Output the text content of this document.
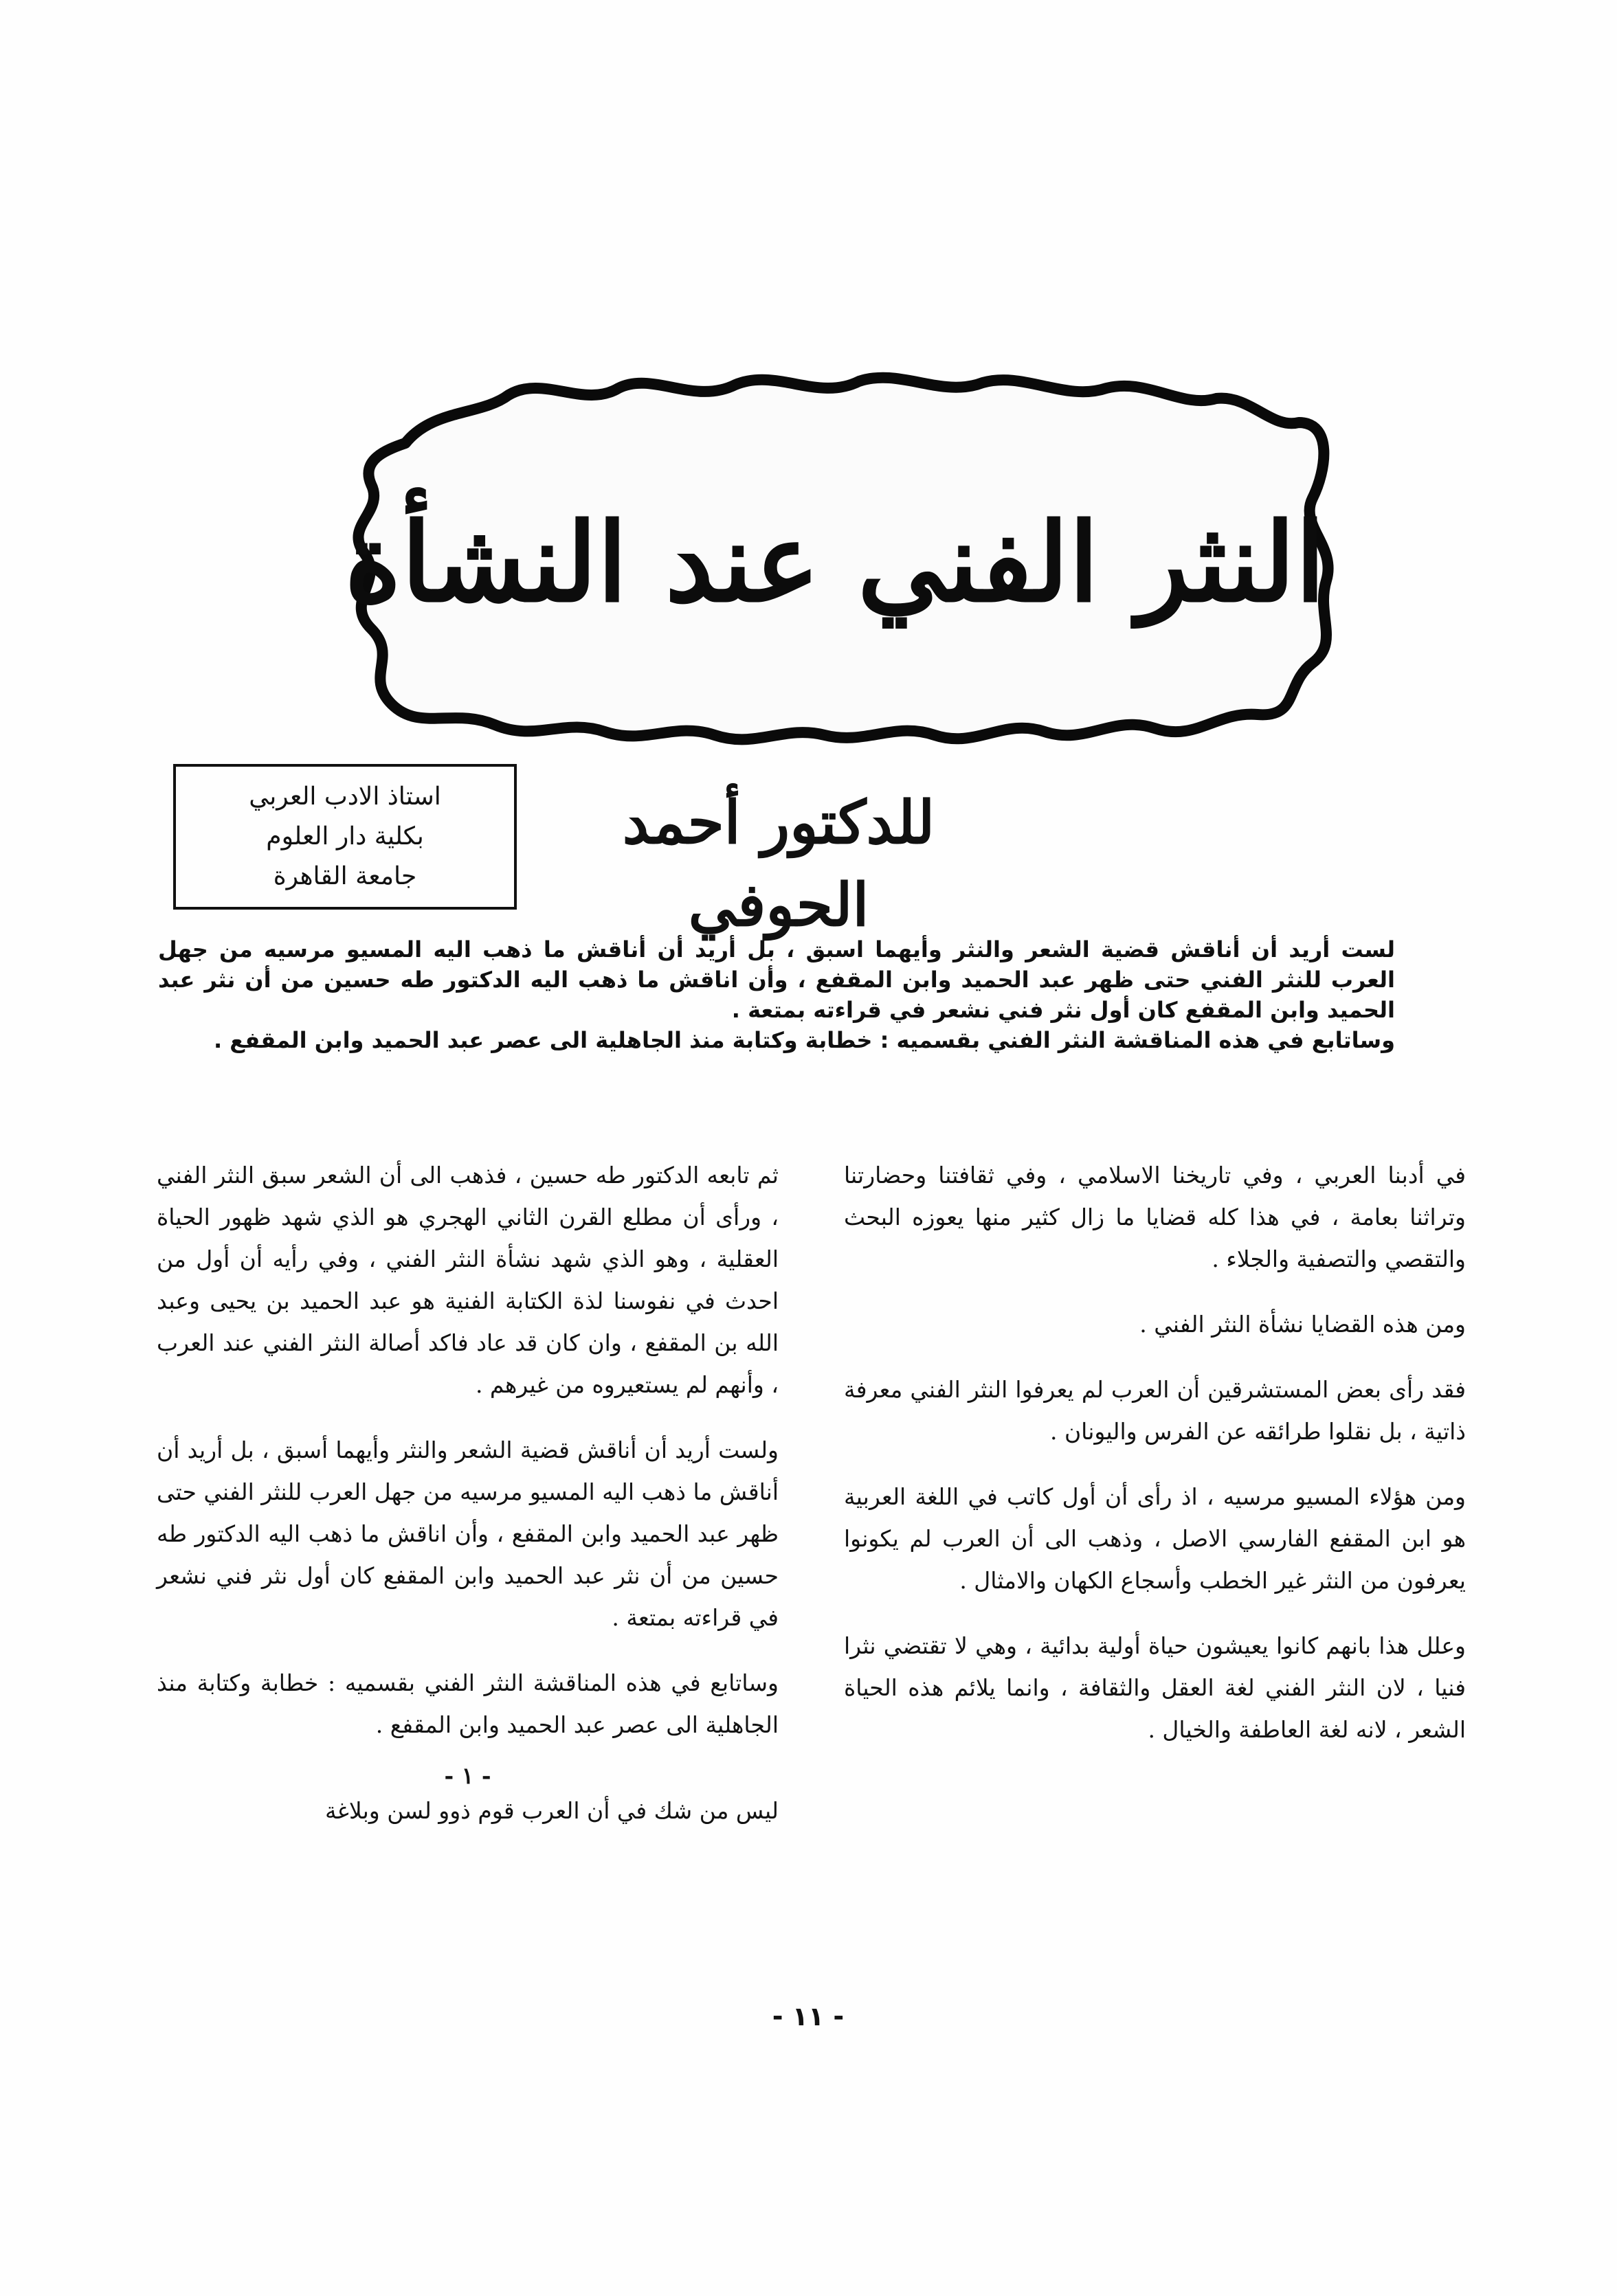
النثر الفني عند النشأة
استاذ الادب العربي
بكلية دار العلوم
جامعة القاهرة
للدكتور أحمد الحوفي

لست أريد أن أناقش قضية الشعر والنثر وأيهما اسبق ، بل أريد أن أناقش ما ذهب اليه المسيو مرسيه من جهل العرب للنثر الفني حتى ظهر عبد الحميد وابن المقفع ، وأن اناقش ما ذهب اليه الدكتور طه حسين من أن نثر عبد الحميد وابن المقفع كان أول نثر فني نشعر في قراءته بمتعة .

وساتابع في هذه المناقشة النثر الفني بقسميه : خطابة وكتابة منذ الجاهلية الى عصر عبد الحميد وابن المقفع .

في أدبنا العربي ، وفي تاريخنا الاسلامي ، وفي ثقافتنا وحضارتنا وتراثنا بعامة ، في هذا كله قضايا ما زال كثير منها يعوزه البحث والتقصي والتصفية والجلاء .

ومن هذه القضايا نشأة النثر الفني .

فقد رأى بعض المستشرقين أن العرب لم يعرفوا النثر الفني معرفة ذاتية ، بل نقلوا طرائقه عن الفرس واليونان .

ومن هؤلاء المسيو مرسيه ، اذ رأى أن أول كاتب في اللغة العربية هو ابن المقفع الفارسي الاصل ، وذهب الى أن العرب لم يكونوا يعرفون من النثر غير الخطب وأسجاع الكهان والامثال .

وعلل هذا بانهم كانوا يعيشون حياة أولية بدائية ، وهي لا تقتضي نثرا فنيا ، لان النثر الفني لغة العقل والثقافة ، وانما يلائم هذه الحياة الشعر ، لانه لغة العاطفة والخيال .

ثم تابعه الدكتور طه حسين ، فذهب الى أن الشعر سبق النثر الفني ، ورأى أن مطلع القرن الثاني الهجري هو الذي شهد ظهور الحياة العقلية ، وهو الذي شهد نشأة النثر الفني ، وفي رأيه أن أول من احدث في نفوسنا لذة الكتابة الفنية هو عبد الحميد بن يحيى وعبد الله بن المقفع ، وان كان قد عاد فاكد أصالة النثر الفني عند العرب ، وأنهم لم يستعيروه من غيرهم .

ولست أريد أن أناقش قضية الشعر والنثر وأيهما أسبق ، بل أريد أن أناقش ما ذهب اليه المسيو مرسيه من جهل العرب للنثر الفني حتى ظهر عبد الحميد وابن المقفع ، وأن اناقش ما ذهب اليه الدكتور طه حسين من أن نثر عبد الحميد وابن المقفع كان أول نثر فني نشعر في قراءته بمتعة .

وساتابع في هذه المناقشة النثر الفني بقسميه : خطابة وكتابة منذ الجاهلية الى عصر عبد الحميد وابن المقفع .

- ١ -

ليس من شك في أن العرب قوم ذوو لسن وبلاغة

- ١١ -
